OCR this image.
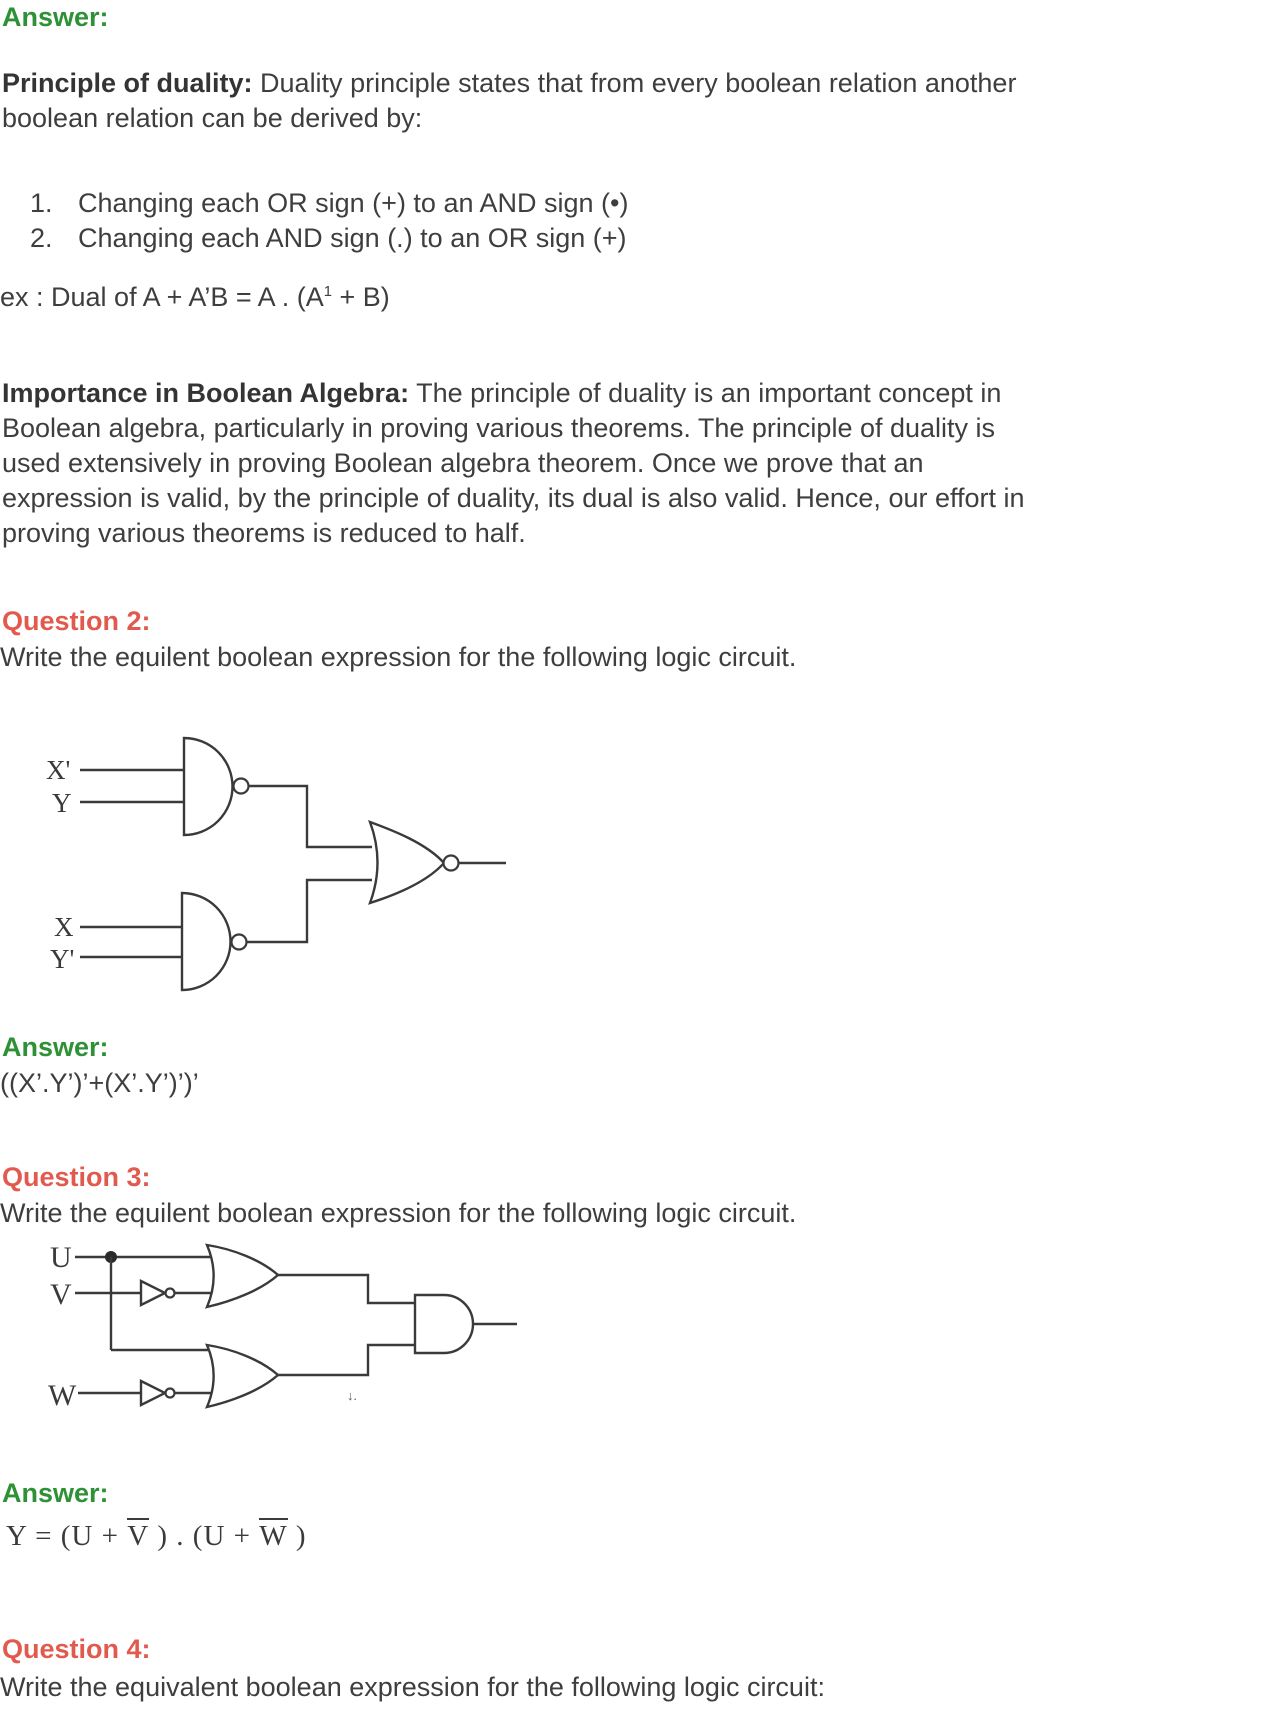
Answer:
Principle of duality: Duality principle states that from every boolean relation another
boolean relation can be derived by:
1. Changing each OR sign (+) to an AND sign (•)
2. Changing each AND sign (.) to an OR sign (+)
ex : Dual of A + A’B = A . $(A^1 + B)$
Importance in Boolean Algebra: The principle of duality is an important concept in
Boolean algebra, particularly in proving various theorems. The principle of duality is
used extensively in proving Boolean algebra theorem. Once we prove that an
expression is valid, by the principle of duality, its dual is also valid. Hence, our effort in
proving various theorems is reduced to half.
Question 2:
Write the equilent boolean expression for the following logic circuit.
X'
Y
X
Y'
Answer:
((X’.Y’)’+(X’.Y’)’)’
Question 3:
Write the equilent boolean expression for the following logic circuit.
U
V
W	↓.
Answer:
Y = (U + V ) . (U + W )
Question 4:
Write the equivalent boolean expression for the following logic circuit:
